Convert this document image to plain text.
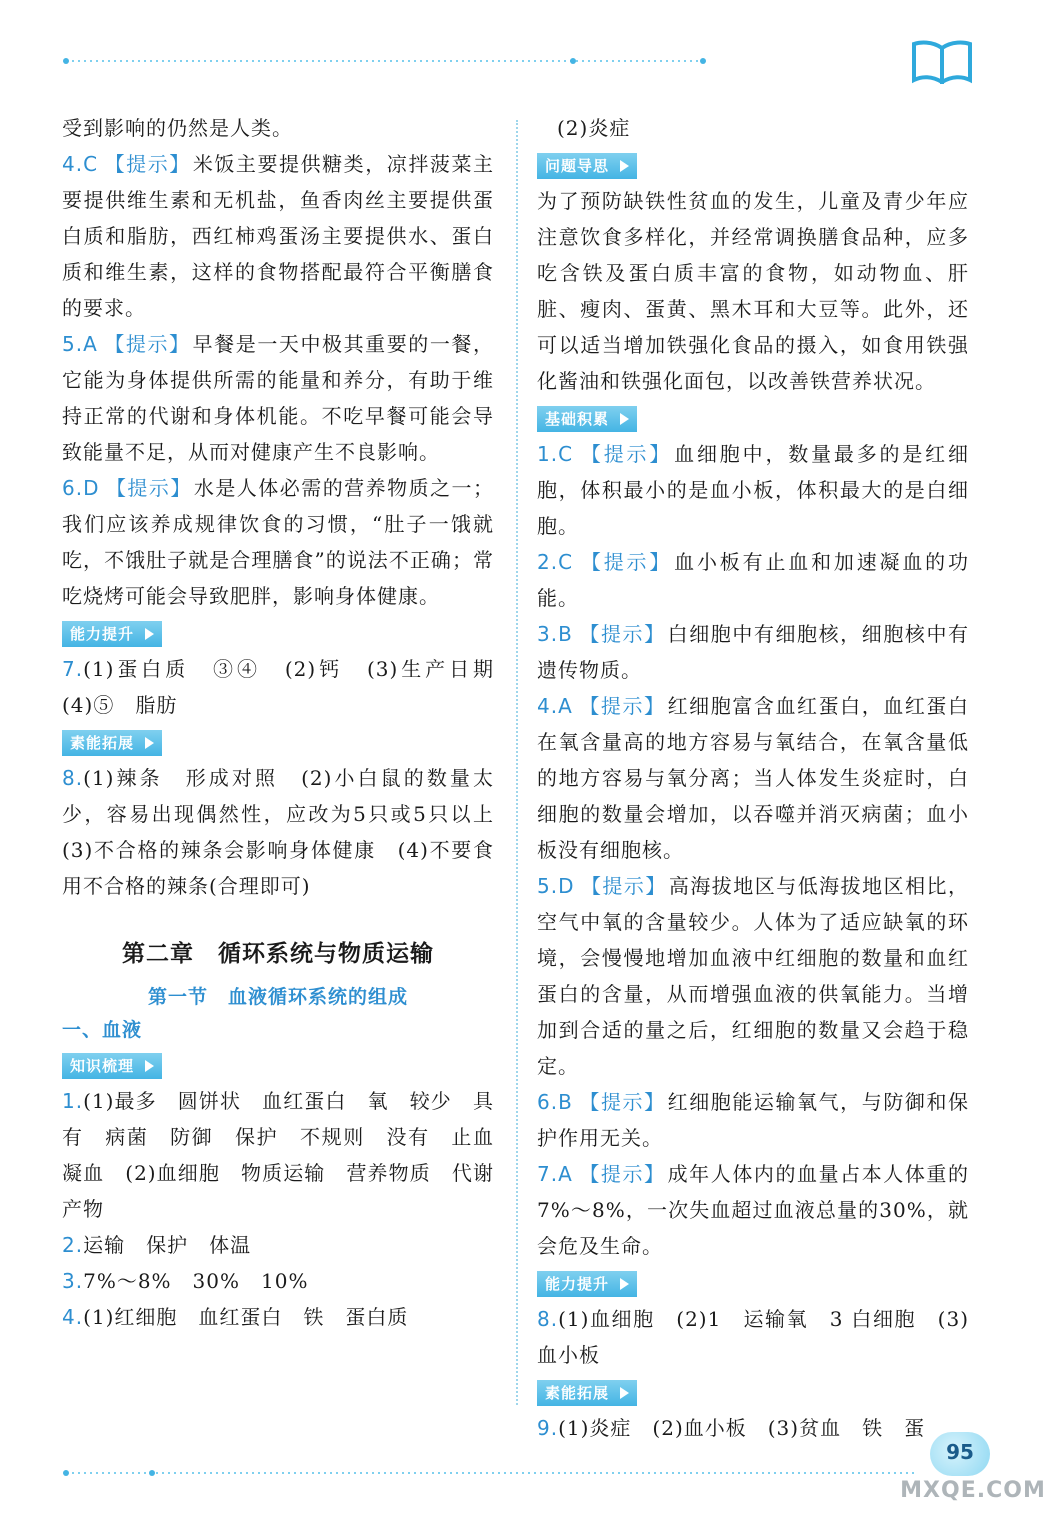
受到影响的仍然是人类。

4.C 【提示】 米饭主要提供糖类，凉拌菠菜主要提供维生素和无机盐，鱼香肉丝主要提供蛋白质和脂肪，西红柿鸡蛋汤主要提供水、蛋白质和维生素，这样的食物搭配最符合平衡膳食的要求。

5.A 【提示】 早餐是一天中极其重要的一餐，它能为身体提供所需的能量和养分，有助于维持正常的代谢和身体机能。不吃早餐可能会导致能量不足，从而对健康产生不良影响。

6.D 【提示】 水是人体必需的营养物质之一；我们应该养成规律饮食的习惯，“肚子一饿就吃，不饿肚子就是合理膳食”的说法不正确；常吃烧烤可能会导致肥胖，影响身体健康。

能力提升

7.(1)蛋白质　③④　(2)钙　(3)生产日期　(4)⑤　脂肪

素能拓展

8.(1)辣条　形成对照　(2)小白鼠的数量太少，容易出现偶然性，应改为5只或5只以上　(3)不合格的辣条会影响身体健康　(4)不要食用不合格的辣条(合理即可)

第二章　循环系统与物质运输
第一节　血液循环系统的组成
一、血液
知识梳理

1.(1)最多　圆饼状　血红蛋白　氧　较少　具有　病菌　防御　保护　不规则　没有　止血　凝血　(2)血细胞　物质运输　营养物质　代谢产物

2.运输　保护　体温

3.7%～8%　30%　10%

4.(1)红细胞　血红蛋白　铁　蛋白质

(2)炎症

问题导思

为了预防缺铁性贫血的发生，儿童及青少年应注意饮食多样化，并经常调换膳食品种，应多吃含铁及蛋白质丰富的食物，如动物血、肝脏、瘦肉、蛋黄、黑木耳和大豆等。此外，还可以适当增加铁强化食品的摄入，如食用铁强化酱油和铁强化面包，以改善铁营养状况。

基础积累

1.C 【提示】 血细胞中，数量最多的是红细胞，体积最小的是血小板，体积最大的是白细胞。

2.C 【提示】 血小板有止血和加速凝血的功能。

3.B 【提示】 白细胞中有细胞核，细胞核中有遗传物质。

4.A 【提示】 红细胞富含血红蛋白，血红蛋白在氧含量高的地方容易与氧结合，在氧含量低的地方容易与氧分离；当人体发生炎症时，白细胞的数量会增加，以吞噬并消灭病菌；血小板没有细胞核。

5.D 【提示】 高海拔地区与低海拔地区相比，空气中氧的含量较少。人体为了适应缺氧的环境，会慢慢地增加血液中红细胞的数量和血红蛋白的含量，从而增强血液的供氧能力。当增加到合适的量之后，红细胞的数量又会趋于稳定。

6.B 【提示】 红细胞能运输氧气，与防御和保护作用无关。

7.A 【提示】 成年人体内的血量占本人体重的7%～8%，一次失血超过血液总量的30%，就会危及生命。

能力提升

8.(1)血细胞　(2)1　运输氧　3 白细胞　(3)血小板

素能拓展

9.(1)炎症　(2)血小板　(3)贫血　铁　蛋

95
MXQE.COM
